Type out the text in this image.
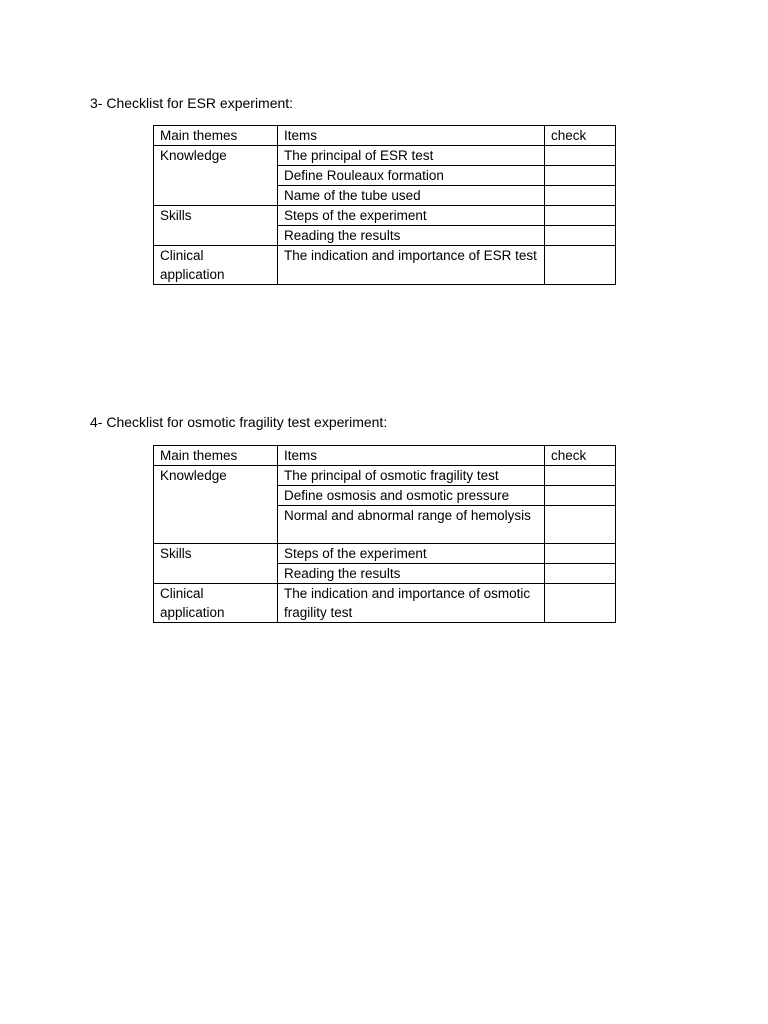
3- Checklist for ESR experiment:
Main themes	Items	check
Knowledge	The principal of ESR test	
	Define Rouleaux formation	
	Name of the tube used	
Skills	Steps of the experiment	
	Reading the results	
Clinical application	The indication and importance of ESR test	
4- Checklist for osmotic fragility test experiment:
Main themes	Items	check
Knowledge	The principal of osmotic fragility test	
	Define osmosis and osmotic pressure	
	Normal and abnormal range of hemolysis	
Skills	Steps of the experiment	
	Reading the results	
Clinical application	The indication and importance of osmotic fragility test	
